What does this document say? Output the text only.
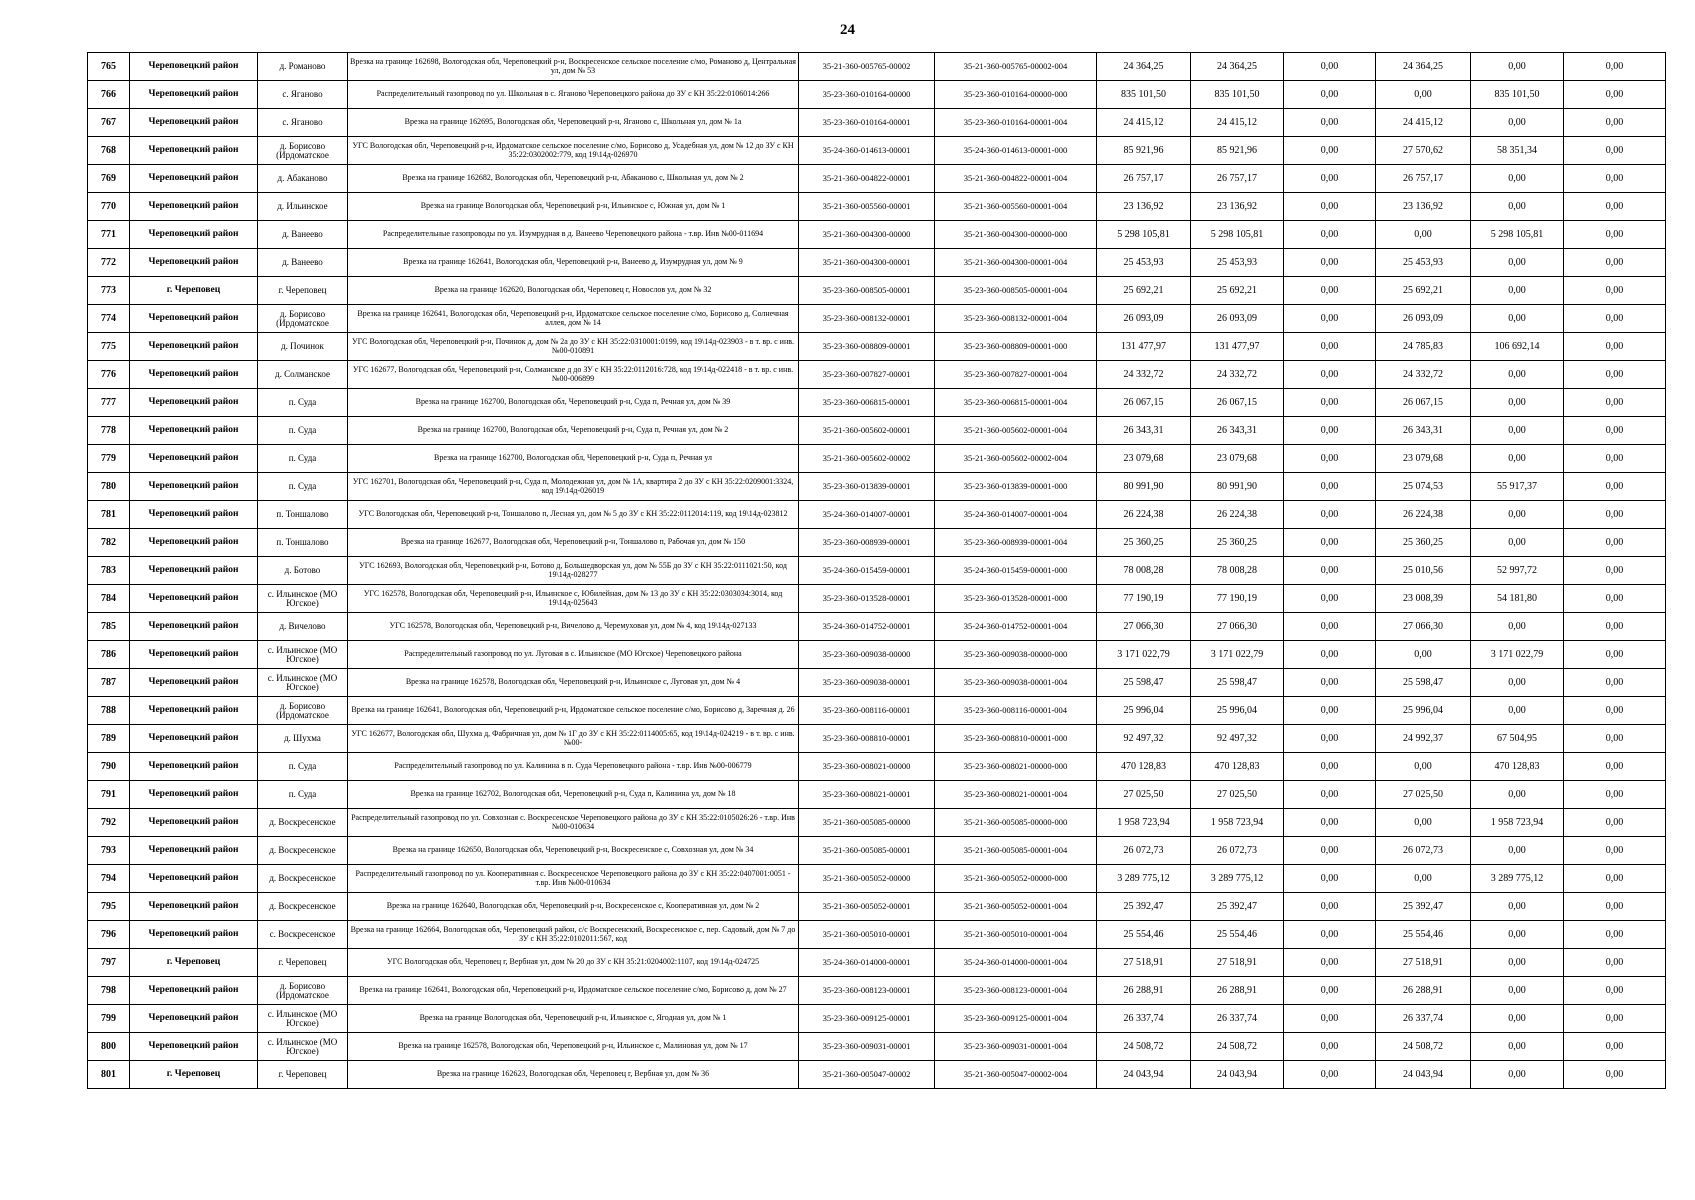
24
765	Череповецкий район	д. Романово	Врезка на границе 162698, Вологодская обл, Череповецкий р-н, Воскресенское сельское поселение с/мо, Романово д, Центральная ул, дом № 53	35-21-360-005765-00002	35-21-360-005765-00002-004	24 364,25	24 364,25	0,00	24 364,25	0,00	0,00
766	Череповецкий район	с. Яганово	Распределительный газопровод по ул. Школьная в с. Яганово Череповецкого района до ЗУ с КН 35:22:0106014:266	35-23-360-010164-00000	35-23-360-010164-00000-000	835 101,50	835 101,50	0,00	0,00	835 101,50	0,00
767	Череповецкий район	с. Яганово	Врезка на границе 162695, Вологодская обл, Череповецкий р-н, Яганово с, Школьная ул, дом № 1а	35-23-360-010164-00001	35-23-360-010164-00001-004	24 415,12	24 415,12	0,00	24 415,12	0,00	0,00
768	Череповецкий район	д. Борисово (Ирдоматское	УГС Вологодская обл, Череповецкий р-н, Ирдоматское сельское поселение с/мо, Борисово д, Усадебная ул, дом № 12 до ЗУ с КН 35:22:0302002:779, код 19\14д-026970	35-24-360-014613-00001	35-24-360-014613-00001-000	85 921,96	85 921,96	0,00	27 570,62	58 351,34	0,00
769	Череповецкий район	д. Абаканово	Врезка на границе 162682, Вологодская обл, Череповецкий р-н, Абаканово с, Школьная ул, дом № 2	35-21-360-004822-00001	35-21-360-004822-00001-004	26 757,17	26 757,17	0,00	26 757,17	0,00	0,00
770	Череповецкий район	д. Ильинское	Врезка на границе Вологодская обл, Череповецкий р-н, Ильинское с, Южная ул, дом № 1	35-21-360-005560-00001	35-21-360-005560-00001-004	23 136,92	23 136,92	0,00	23 136,92	0,00	0,00
771	Череповецкий район	д. Ванеево	Распределительные газопроводы по ул. Изумрудная в д. Ванеево Череповецкого района - т.вр. Инв №00-011694	35-21-360-004300-00000	35-21-360-004300-00000-000	5 298 105,81	5 298 105,81	0,00	0,00	5 298 105,81	0,00
772	Череповецкий район	д. Ванеево	Врезка на границе 162641, Вологодская обл, Череповецкий р-н, Ванеево д, Изумрудная ул, дом № 9	35-21-360-004300-00001	35-21-360-004300-00001-004	25 453,93	25 453,93	0,00	25 453,93	0,00	0,00
773	г. Череповец	г. Череповец	Врезка на границе 162620, Вологодская обл, Череповец г, Новослов ул, дом № 32	35-23-360-008505-00001	35-23-360-008505-00001-004	25 692,21	25 692,21	0,00	25 692,21	0,00	0,00
774	Череповецкий район	д. Борисово (Ирдоматское	Врезка на границе 162641, Вологодская обл, Череповецкий р-н, Ирдоматское сельское поселение с/мо, Борисово д, Солнечная аллея, дом № 14	35-23-360-008132-00001	35-23-360-008132-00001-004	26 093,09	26 093,09	0,00	26 093,09	0,00	0,00
775	Череповецкий район	д. Починок	УГС Вологодская обл, Череповецкий р-н, Починок д, дом № 2а до ЗУ с КН 35:22:0310001:0199, код 19\14д-023903 - в т. вр. с инв. №00-010891	35-23-360-008809-00001	35-23-360-008809-00001-000	131 477,97	131 477,97	0,00	24 785,83	106 692,14	0,00
776	Череповецкий район	д. Солманское	УГС 162677, Вологодская обл, Череповецкий р-н, Солманское д до ЗУ с КН 35:22:0112016:728, код 19\14д-022418 - в т. вр. с инв. №00-006899	35-23-360-007827-00001	35-23-360-007827-00001-004	24 332,72	24 332,72	0,00	24 332,72	0,00	0,00
777	Череповецкий район	п. Суда	Врезка на границе 162700, Вологодская обл, Череповецкий р-н, Суда п, Речная ул, дом № 39	35-23-360-006815-00001	35-23-360-006815-00001-004	26 067,15	26 067,15	0,00	26 067,15	0,00	0,00
778	Череповецкий район	п. Суда	Врезка на границе 162700, Вологодская обл, Череповецкий р-н, Суда п, Речная ул, дом № 2	35-21-360-005602-00001	35-21-360-005602-00001-004	26 343,31	26 343,31	0,00	26 343,31	0,00	0,00
779	Череповецкий район	п. Суда	Врезка на границе 162700, Вологодская обл, Череповецкий р-н, Суда п, Речная ул	35-21-360-005602-00002	35-21-360-005602-00002-004	23 079,68	23 079,68	0,00	23 079,68	0,00	0,00
780	Череповецкий район	п. Суда	УГС 162701, Вологодская обл, Череповецкий р-н, Суда п, Молодежная ул, дом № 1А, квартира 2 до ЗУ с КН 35:22:0209001:3324, код 19\14д-026019	35-23-360-013839-00001	35-23-360-013839-00001-000	80 991,90	80 991,90	0,00	25 074,53	55 917,37	0,00
781	Череповецкий район	п. Тоншалово	УГС Вологодская обл, Череповецкий р-н, Тоншалово п, Лесная ул, дом № 5 до ЗУ с КН 35:22:0112014:119, код 19\14д-023812	35-24-360-014007-00001	35-24-360-014007-00001-004	26 224,38	26 224,38	0,00	26 224,38	0,00	0,00
782	Череповецкий район	п. Тоншалово	Врезка на границе 162677, Вологодская обл, Череповецкий р-н, Тоншалово п, Рабочая ул, дом № 150	35-23-360-008939-00001	35-23-360-008939-00001-004	25 360,25	25 360,25	0,00	25 360,25	0,00	0,00
783	Череповецкий район	д. Ботово	УГС 162693, Вологодская обл, Череповецкий р-н, Ботово д, Большедворская ул, дом № 55Б до ЗУ с КН 35:22:0111021:50, код 19\14д-028277	35-24-360-015459-00001	35-24-360-015459-00001-000	78 008,28	78 008,28	0,00	25 010,56	52 997,72	0,00
784	Череповецкий район	с. Ильинское (МО Югское)	УГС 162578, Вологодская обл, Череповецкий р-н, Ильинское с, Юбилейная, дом № 13 до ЗУ с КН 35:22:0303034:3014, код 19\14д-025643	35-23-360-013528-00001	35-23-360-013528-00001-000	77 190,19	77 190,19	0,00	23 008,39	54 181,80	0,00
785	Череповецкий район	д. Вичелово	УГС 162578, Вологодская обл, Череповецкий р-н, Вичелово д, Черемуховая ул, дом № 4, код 19\14д-027133	35-24-360-014752-00001	35-24-360-014752-00001-004	27 066,30	27 066,30	0,00	27 066,30	0,00	0,00
786	Череповецкий район	с. Ильинское (МО Югское)	Распределительный газопровод по ул. Луговая в с. Ильинское (МО Югское) Череповецкого района	35-23-360-009038-00000	35-23-360-009038-00000-000	3 171 022,79	3 171 022,79	0,00	0,00	3 171 022,79	0,00
787	Череповецкий район	с. Ильинское (МО Югское)	Врезка на границе 162578, Вологодская обл, Череповецкий р-н, Ильинское с, Луговая ул, дом № 4	35-23-360-009038-00001	35-23-360-009038-00001-004	25 598,47	25 598,47	0,00	25 598,47	0,00	0,00
788	Череповецкий район	д. Борисово (Ирдоматское	Врезка на границе 162641, Вологодская обл, Череповецкий р-н, Ирдоматское сельское поселение с/мо, Борисово д, Заречная д. 26	35-23-360-008116-00001	35-23-360-008116-00001-004	25 996,04	25 996,04	0,00	25 996,04	0,00	0,00
789	Череповецкий район	д. Шухма	УГС 162677, Вологодская обл, Шухма д, Фабричная ул, дом № 1Г до ЗУ с КН 35:22:0114005:65, код 19\14д-024219 - в т. вр. с инв. №00-	35-23-360-008810-00001	35-23-360-008810-00001-000	92 497,32	92 497,32	0,00	24 992,37	67 504,95	0,00
790	Череповецкий район	п. Суда	Распределительный газопровод по ул. Калинина в п. Суда Череповецкого района - т.вр. Инв №00-006779	35-23-360-008021-00000	35-23-360-008021-00000-000	470 128,83	470 128,83	0,00	0,00	470 128,83	0,00
791	Череповецкий район	п. Суда	Врезка на границе 162702, Вологодская обл, Череповецкий р-н, Суда п, Калинина ул, дом № 18	35-23-360-008021-00001	35-23-360-008021-00001-004	27 025,50	27 025,50	0,00	27 025,50	0,00	0,00
792	Череповецкий район	д. Воскресенское	Распределительный газопровод по ул. Совхозная с. Воскресенское Череповецкого района до ЗУ с КН 35:22:0105026:26 - т.вр. Инв №00-010634	35-21-360-005085-00000	35-21-360-005085-00000-000	1 958 723,94	1 958 723,94	0,00	0,00	1 958 723,94	0,00
793	Череповецкий район	д. Воскресенское	Врезка на границе 162650, Вологодская обл, Череповецкий р-н, Воскресенское с, Совхозная ул, дом № 34	35-21-360-005085-00001	35-21-360-005085-00001-004	26 072,73	26 072,73	0,00	26 072,73	0,00	0,00
794	Череповецкий район	д. Воскресенское	Распределительный газопровод по ул. Кооперативная с. Воскресенское Череповецкого района до ЗУ с КН 35:22:0407001:0051 - т.вр. Инв №00-010634	35-21-360-005052-00000	35-21-360-005052-00000-000	3 289 775,12	3 289 775,12	0,00	0,00	3 289 775,12	0,00
795	Череповецкий район	д. Воскресенское	Врезка на границе 162640, Вологодская обл, Череповецкий р-н, Воскресенское с, Кооперативная ул, дом № 2	35-21-360-005052-00001	35-21-360-005052-00001-004	25 392,47	25 392,47	0,00	25 392,47	0,00	0,00
796	Череповецкий район	с. Воскресенское	Врезка на границе 162664, Вологодская обл, Череповецкий район, с/с Воскресенский, Воскресенское с, пер. Садовый, дом № 7 до ЗУ с КН 35:22:0102011:567, код	35-21-360-005010-00001	35-21-360-005010-00001-004	25 554,46	25 554,46	0,00	25 554,46	0,00	0,00
797	г. Череповец	г. Череповец	УГС Вологодская обл, Череповец г, Вербная ул, дом № 20 до ЗУ с КН 35:21:0204002:1107, код 19\14д-024725	35-24-360-014000-00001	35-24-360-014000-00001-004	27 518,91	27 518,91	0,00	27 518,91	0,00	0,00
798	Череповецкий район	д. Борисово (Ирдоматское	Врезка на границе 162641, Вологодская обл, Череповецкий р-н, Ирдоматское сельское поселение с/мо, Борисово д, дом № 27	35-23-360-008123-00001	35-23-360-008123-00001-004	26 288,91	26 288,91	0,00	26 288,91	0,00	0,00
799	Череповецкий район	с. Ильинское (МО Югское)	Врезка на границе Вологодская обл, Череповецкий р-н, Ильинское с, Ягодная ул, дом № 1	35-23-360-009125-00001	35-23-360-009125-00001-004	26 337,74	26 337,74	0,00	26 337,74	0,00	0,00
800	Череповецкий район	с. Ильинское (МО Югское)	Врезка на границе 162578, Вологодская обл, Череповецкий р-н, Ильинское с, Малиновая ул, дом № 17	35-23-360-009031-00001	35-23-360-009031-00001-004	24 508,72	24 508,72	0,00	24 508,72	0,00	0,00
801	г. Череповец	г. Череповец	Врезка на границе 162623, Вологодская обл, Череповец г, Вербная ул, дом № 36	35-21-360-005047-00002	35-21-360-005047-00002-004	24 043,94	24 043,94	0,00	24 043,94	0,00	0,00
